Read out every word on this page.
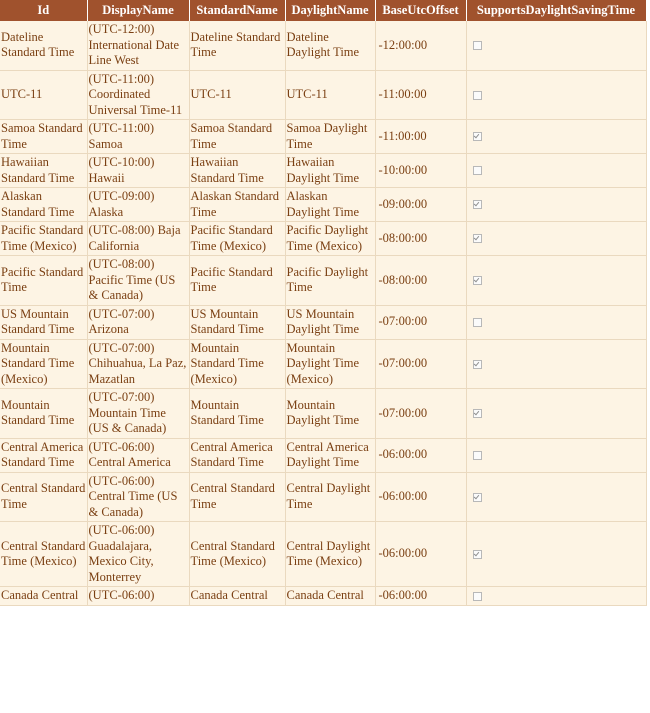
Id	DisplayName	StandardName	DaylightName	BaseUtcOffset	SupportsDaylightSavingTime
Dateline Standard Time	(UTC-12:00) International Date Line West	Dateline Standard Time	Dateline Daylight Time	-12:00:00	
UTC-11	(UTC-11:00) Coordinated Universal Time-11	UTC-11	UTC-11	-11:00:00	
Samoa Standard Time	(UTC-11:00) Samoa	Samoa Standard Time	Samoa Daylight Time	-11:00:00	
Hawaiian Standard Time	(UTC-10:00) Hawaii	Hawaiian Standard Time	Hawaiian Daylight Time	-10:00:00	
Alaskan Standard Time	(UTC-09:00) Alaska	Alaskan Standard Time	Alaskan Daylight Time	-09:00:00	
Pacific Standard Time (Mexico)	(UTC-08:00) Baja California	Pacific Standard Time (Mexico)	Pacific Daylight Time (Mexico)	-08:00:00	
Pacific Standard Time	(UTC-08:00) Pacific Time (US & Canada)	Pacific Standard Time	Pacific Daylight Time	-08:00:00	
US Mountain Standard Time	(UTC-07:00) Arizona	US Mountain Standard Time	US Mountain Daylight Time	-07:00:00	
Mountain Standard Time (Mexico)	(UTC-07:00) Chihuahua, La Paz, Mazatlan	Mountain Standard Time (Mexico)	Mountain Daylight Time (Mexico)	-07:00:00	
Mountain Standard Time	(UTC-07:00) Mountain Time (US & Canada)	Mountain Standard Time	Mountain Daylight Time	-07:00:00	
Central America Standard Time	(UTC-06:00) Central America	Central America Standard Time	Central America Daylight Time	-06:00:00	
Central Standard Time	(UTC-06:00) Central Time (US & Canada)	Central Standard Time	Central Daylight Time	-06:00:00	
Central Standard Time (Mexico)	(UTC-06:00) Guadalajara, Mexico City, Monterrey	Central Standard Time (Mexico)	Central Daylight Time (Mexico)	-06:00:00	
Canada Central	(UTC-06:00)	Canada Central	Canada Central	-06:00:00	
